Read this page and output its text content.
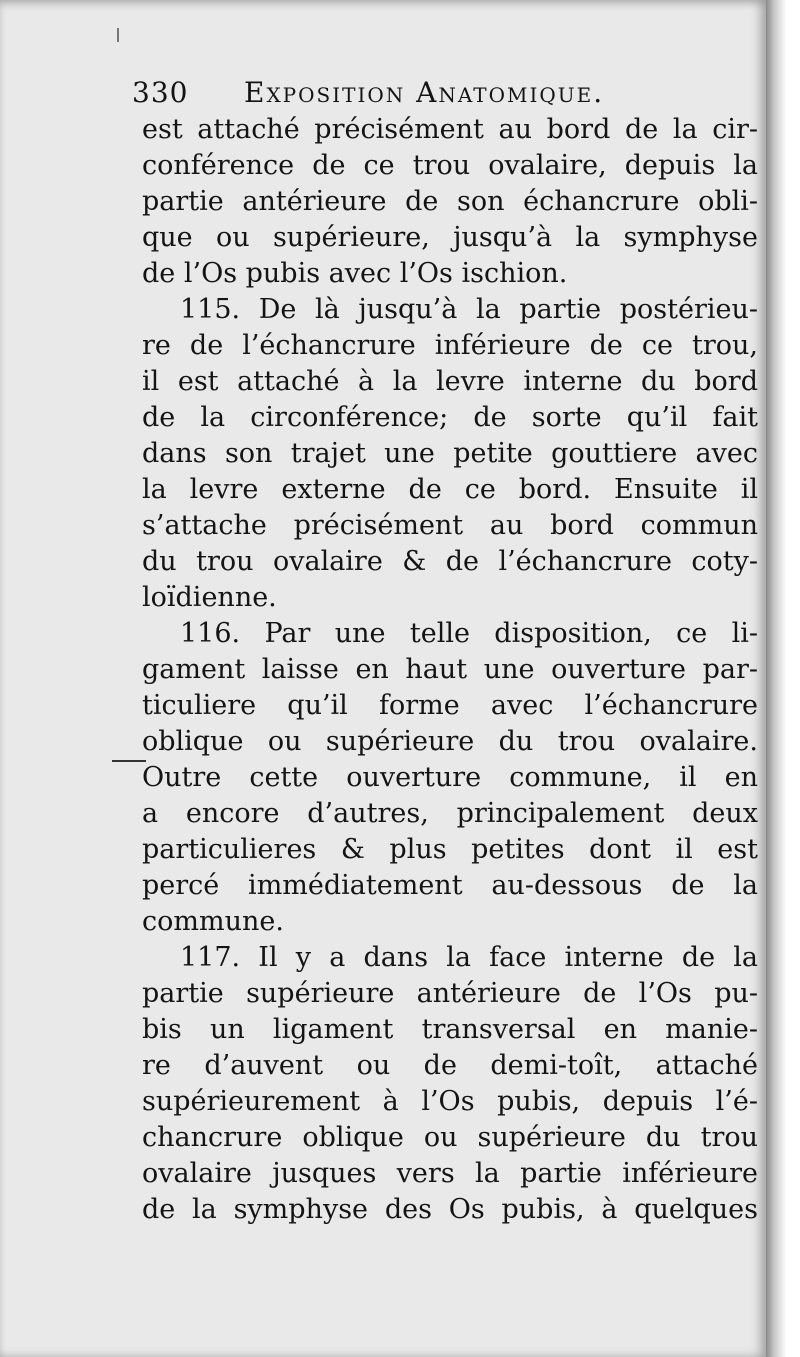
330 Exposition Anatomique.
est attaché précisément au bord de la cir-
conférence de ce trou ovalaire, depuis la
partie antérieure de son échancrure obli-
que ou supérieure, jusqu’à la symphyse
de l’Os pubis avec l’Os ischion.
115. De là jusqu’à la partie postérieu-
re de l’échancrure inférieure de ce trou,
il est attaché à la levre interne du bord
de la circonférence; de sorte qu’il fait
dans son trajet une petite gouttiere avec
la levre externe de ce bord. Ensuite il
s’attache précisément au bord commun
du trou ovalaire & de l’échancrure coty-
loïdienne.
116. Par une telle disposition, ce li-
gament laisse en haut une ouverture par-
ticuliere qu’il forme avec l’échancrure
oblique ou supérieure du trou ovalaire.
Outre cette ouverture commune, il en
a encore d’autres, principalement deux
particulieres & plus petites dont il est
percé immédiatement au-dessous de la
commune.
117. Il y a dans la face interne de la
partie supérieure antérieure de l’Os pu-
bis un ligament transversal en manie-
re d’auvent ou de demi-toît, attaché
supérieurement à l’Os pubis, depuis l’é-
chancrure oblique ou supérieure du trou
ovalaire jusques vers la partie inférieure
de la symphyse des Os pubis, à quelques
